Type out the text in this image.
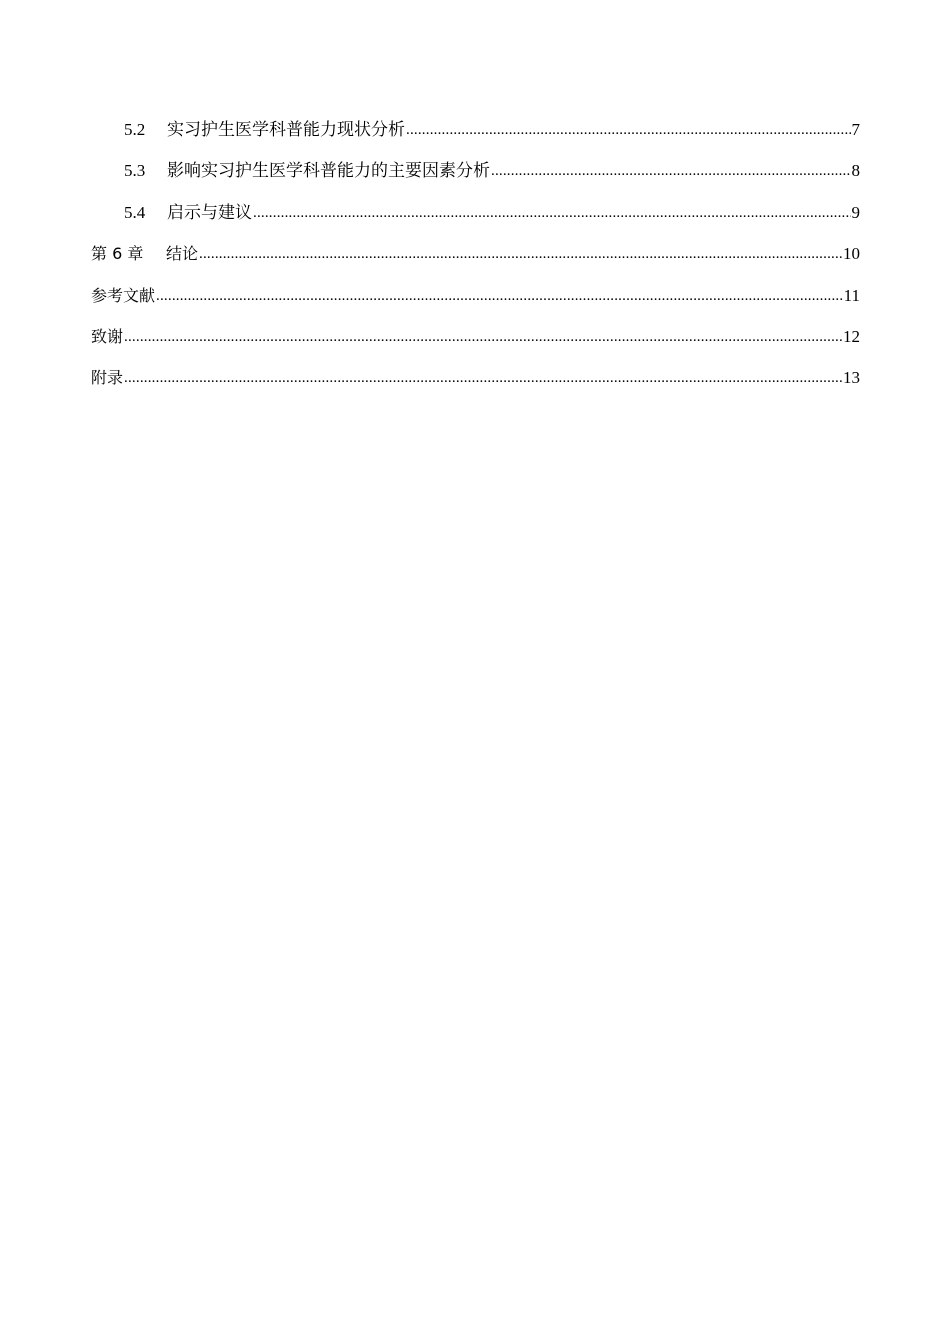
5.2	实习护生医学科普能力现状分析 .....	7
5.3	影响实习护生医学科普能力的主要因素分析 .....	8
5.4	启示与建议 .....	9
第 6 章	结论 .....	10
参考文献 .....	11
致谢 .....	12
附录 .....	13
